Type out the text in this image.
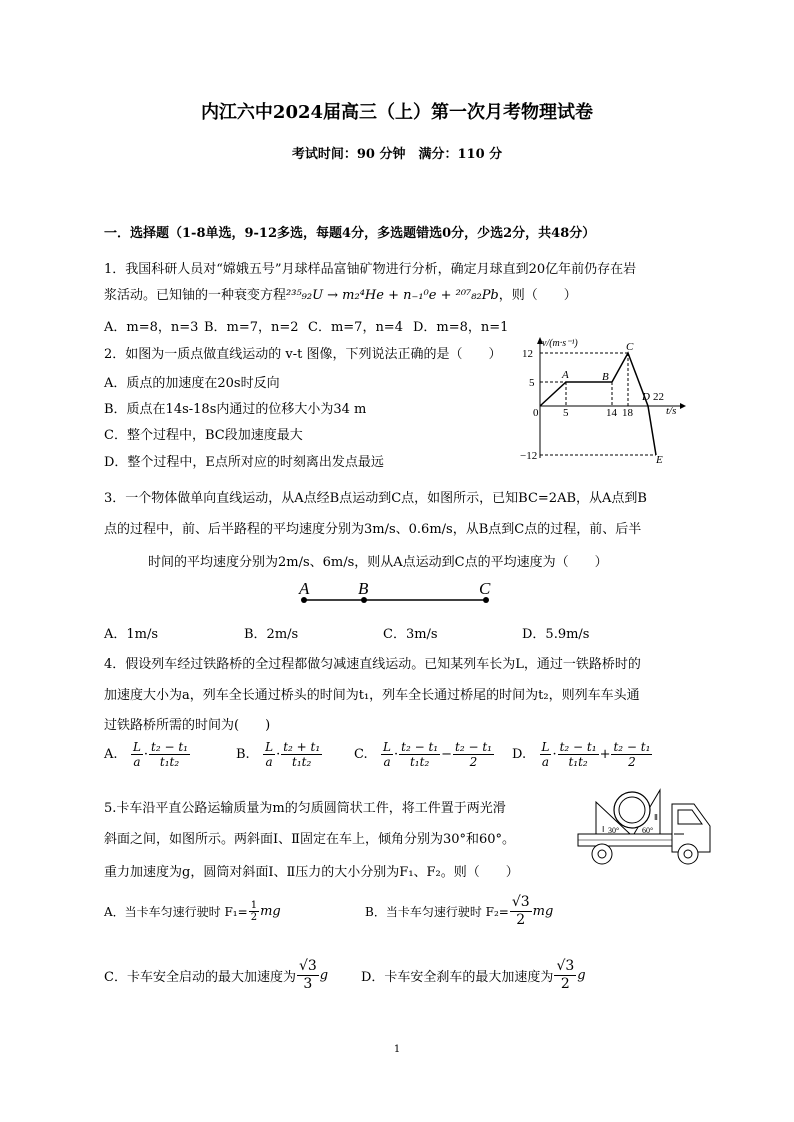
内江六中2024届高三（上）第一次月考物理试卷
考试时间：90 分钟　满分：110 分
一．选择题（1-8单选，9-12多选，每题4分，多选题错选0分，少选2分，共48分）
1．我国科研人员对“嫦娥五号”月球样品富铀矿物进行分析，确定月球直到20亿年前仍存在岩
浆活动。已知铀的一种衰变方程²³⁵₉₂U → m₂⁴He + n₋₁⁰e + ²⁰⁷₈₂Pb，则（　　）
A．m=8，n=3 B．m=7，n=2 C．m=7，n=4 D．m=8，n=1
2．如图为一质点做直线运动的 v-t 图像，下列说法正确的是（　　）
A．质点的加速度在20s时反向
B．质点在14s-18s内通过的位移大小为34 m
C．整个过程中，BC段加速度最大
D．整个过程中，E点所对应的时刻离出发点最远
v/(m·s⁻¹)
12
5
0
−12
5	14 18
22
t/s
A	B
C
D
E
3．一个物体做单向直线运动，从A点经B点运动到C点，如图所示，已知BC=2AB，从A点到B
点的过程中，前、后半路程的平均速度分别为3m/s、0.6m/s，从B点到C点的过程，前、后半
时间的平均速度分别为2m/s、6m/s，则从A点运动到C点的平均速度为（　　）
A	B	C
A．1m/s	B．2m/s	C．3m/s	D．5.9m/s
4．假设列车经过铁路桥的全过程都做匀减速直线运动。已知某列车长为L，通过一铁路桥时的
加速度大小为a，列车全长通过桥头的时间为t₁，列车全长通过桥尾的时间为t₂，则列车车头通
过铁路桥所需的时间为(　　)
A. $\frac{L}{a} \cdot \frac{\text{t₂ − t₁}}{\text{t₁t₂}}$	B. $\frac{L}{a} \cdot \frac{\text{t₂ + t₁}}{\text{t₁t₂}} C$. $\frac{L}{a} \cdot \frac{\text{t₂ − t₁}}{\text{t₁t₂}} - \frac{\text{t₂ − t₁}}{2} D$. $\frac{L}{a} \cdot \frac{\text{t₂ − t₁}}{\text{t₁t₂}} + \frac{\text{t₂ − t₁}}{2}$
5.卡车沿平直公路运输质量为m的匀质圆筒状工件，将工件置于两光滑
斜面之间，如图所示。两斜面Ⅰ、Ⅱ固定在车上，倾角分别为30°和60°。
重力加速度为g，圆筒对斜面Ⅰ、Ⅱ压力的大小分别为F₁、F₂。则（　　）
Ⅰ
Ⅱ
30°	60°
A．当卡车匀速行驶时 $F_1= \frac{1}{2}$ mg	B．当卡车匀速行驶时 $F_2= \frac{√3}{2}$ mg
C．卡车安全启动的最大加速度为 $\frac{√3}{3}$ g	D．卡车安全刹车的最大加速度为 $\frac{√3}{2}$ g
1
